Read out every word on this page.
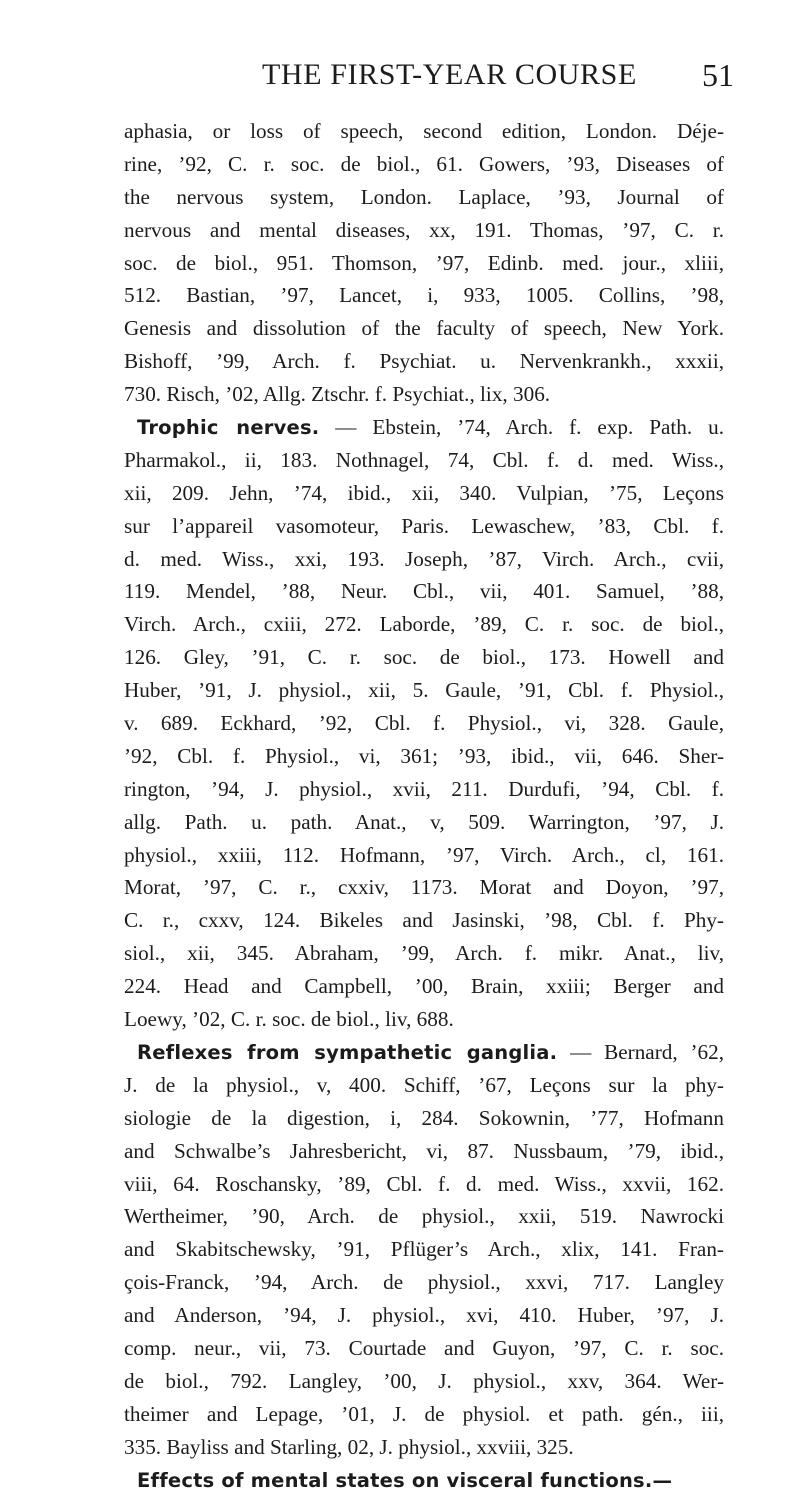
THE FIRST-YEAR COURSE 51
aphasia, or loss of speech, second edition, London. Déje-
rine, ’92, C. r. soc. de biol., 61. Gowers, ’93, Diseases of
the nervous system, London. Laplace, ’93, Journal of
nervous and mental diseases, xx, 191. Thomas, ’97, C. r.
soc. de biol., 951. Thomson, ’97, Edinb. med. jour., xliii,
512. Bastian, ’97, Lancet, i, 933, 1005. Collins, ’98,
Genesis and dissolution of the faculty of speech, New York.
Bishoff, ’99, Arch. f. Psychiat. u. Nervenkrankh., xxxii,
730. Risch, ’02, Allg. Ztschr. f. Psychiat., lix, 306.
Trophic nerves. — Ebstein, ’74, Arch. f. exp. Path. u.
Pharmakol., ii, 183. Nothnagel, 74, Cbl. f. d. med. Wiss.,
xii, 209. Jehn, ’74, ibid., xii, 340. Vulpian, ’75, Leçons
sur l’appareil vasomoteur, Paris. Lewaschew, ’83, Cbl. f.
d. med. Wiss., xxi, 193. Joseph, ’87, Virch. Arch., cvii,
119. Mendel, ’88, Neur. Cbl., vii, 401. Samuel, ’88,
Virch. Arch., cxiii, 272. Laborde, ’89, C. r. soc. de biol.,
126. Gley, ’91, C. r. soc. de biol., 173. Howell and
Huber, ’91, J. physiol., xii, 5. Gaule, ’91, Cbl. f. Physiol.,
v. 689. Eckhard, ’92, Cbl. f. Physiol., vi, 328. Gaule,
’92, Cbl. f. Physiol., vi, 361; ’93, ibid., vii, 646. Sher-
rington, ’94, J. physiol., xvii, 211. Durdufi, ’94, Cbl. f.
allg. Path. u. path. Anat., v, 509. Warrington, ’97, J.
physiol., xxiii, 112. Hofmann, ’97, Virch. Arch., cl, 161.
Morat, ’97, C. r., cxxiv, 1173. Morat and Doyon, ’97,
C. r., cxxv, 124. Bikeles and Jasinski, ’98, Cbl. f. Phy-
siol., xii, 345. Abraham, ’99, Arch. f. mikr. Anat., liv,
224. Head and Campbell, ’00, Brain, xxiii; Berger and
Loewy, ’02, C. r. soc. de biol., liv, 688.
Reflexes from sympathetic ganglia. — Bernard, ’62,
J. de la physiol., v, 400. Schiff, ’67, Leçons sur la phy-
siologie de la digestion, i, 284. Sokownin, ’77, Hofmann
and Schwalbe’s Jahresbericht, vi, 87. Nussbaum, ’79, ibid.,
viii, 64. Roschansky, ’89, Cbl. f. d. med. Wiss., xxvii, 162.
Wertheimer, ’90, Arch. de physiol., xxii, 519. Nawrocki
and Skabitschewsky, ’91, Pflüger’s Arch., xlix, 141. Fran-
çois-Franck, ’94, Arch. de physiol., xxvi, 717. Langley
and Anderson, ’94, J. physiol., xvi, 410. Huber, ’97, J.
comp. neur., vii, 73. Courtade and Guyon, ’97, C. r. soc.
de biol., 792. Langley, ’00, J. physiol., xxv, 364. Wer-
theimer and Lepage, ’01, J. de physiol. et path. gén., iii,
335. Bayliss and Starling, 02, J. physiol., xxviii, 325.
Effects of mental states on visceral functions.—
